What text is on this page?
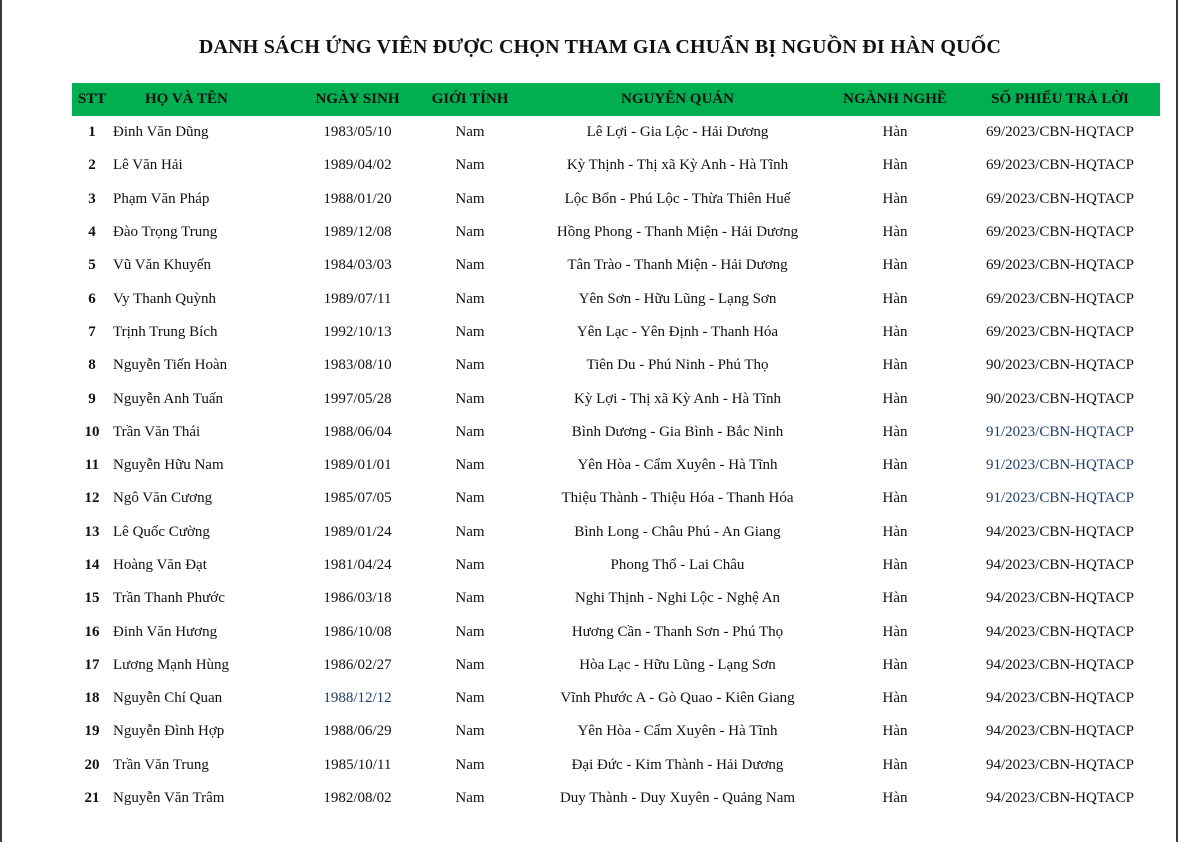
DANH SÁCH ỨNG VIÊN ĐƯỢC CHỌN THAM GIA CHUẨN BỊ NGUỒN ĐI HÀN QUỐC
STT	HỌ VÀ TÊN	NGÀY SINH	GIỚI TÍNH	NGUYÊN QUÁN	NGÀNH NGHỀ	SỐ PHIẾU TRẢ LỜI
1	Đinh Văn Dũng	1983/05/10	Nam	Lê Lợi - Gia Lộc - Hải Dương	Hàn	69/2023/CBN-HQTACP
2	Lê Văn Hải	1989/04/02	Nam	Kỳ Thịnh - Thị xã Kỳ Anh - Hà Tĩnh	Hàn	69/2023/CBN-HQTACP
3	Phạm Văn Pháp	1988/01/20	Nam	Lộc Bổn - Phú Lộc - Thừa Thiên Huế	Hàn	69/2023/CBN-HQTACP
4	Đào Trọng Trung	1989/12/08	Nam	Hồng Phong - Thanh Miện - Hải Dương	Hàn	69/2023/CBN-HQTACP
5	Vũ Văn Khuyến	1984/03/03	Nam	Tân Trào - Thanh Miện - Hải Dương	Hàn	69/2023/CBN-HQTACP
6	Vy Thanh Quỳnh	1989/07/11	Nam	Yên Sơn - Hữu Lũng - Lạng Sơn	Hàn	69/2023/CBN-HQTACP
7	Trịnh Trung Bích	1992/10/13	Nam	Yên Lạc - Yên Định - Thanh Hóa	Hàn	69/2023/CBN-HQTACP
8	Nguyễn Tiến Hoàn	1983/08/10	Nam	Tiên Du - Phú Ninh - Phú Thọ	Hàn	90/2023/CBN-HQTACP
9	Nguyễn Anh Tuấn	1997/05/28	Nam	Kỳ Lợi - Thị xã Kỳ Anh - Hà Tĩnh	Hàn	90/2023/CBN-HQTACP
10	Trần Văn Thái	1988/06/04	Nam	Bình Dương - Gia Bình - Bắc Ninh	Hàn	91/2023/CBN-HQTACP
11	Nguyễn Hữu Nam	1989/01/01	Nam	Yên Hòa - Cẩm Xuyên - Hà Tĩnh	Hàn	91/2023/CBN-HQTACP
12	Ngô Văn Cương	1985/07/05	Nam	Thiệu Thành - Thiệu Hóa - Thanh Hóa	Hàn	91/2023/CBN-HQTACP
13	Lê Quốc Cường	1989/01/24	Nam	Bình Long - Châu Phú - An Giang	Hàn	94/2023/CBN-HQTACP
14	Hoàng Văn Đạt	1981/04/24	Nam	Phong Thổ - Lai Châu	Hàn	94/2023/CBN-HQTACP
15	Trần Thanh Phước	1986/03/18	Nam	Nghi Thịnh - Nghi Lộc - Nghệ An	Hàn	94/2023/CBN-HQTACP
16	Đinh Văn Hương	1986/10/08	Nam	Hương Cần - Thanh Sơn - Phú Thọ	Hàn	94/2023/CBN-HQTACP
17	Lương Mạnh Hùng	1986/02/27	Nam	Hòa Lạc - Hữu Lũng - Lạng Sơn	Hàn	94/2023/CBN-HQTACP
18	Nguyễn Chí Quan	1988/12/12	Nam	Vĩnh Phước A - Gò Quao - Kiên Giang	Hàn	94/2023/CBN-HQTACP
19	Nguyễn Đình Hợp	1988/06/29	Nam	Yên Hòa - Cẩm Xuyên - Hà Tĩnh	Hàn	94/2023/CBN-HQTACP
20	Trần Văn Trung	1985/10/11	Nam	Đại Đức - Kim Thành - Hải Dương	Hàn	94/2023/CBN-HQTACP
21	Nguyễn Văn Trâm	1982/08/02	Nam	Duy Thành - Duy Xuyên - Quảng Nam	Hàn	94/2023/CBN-HQTACP
